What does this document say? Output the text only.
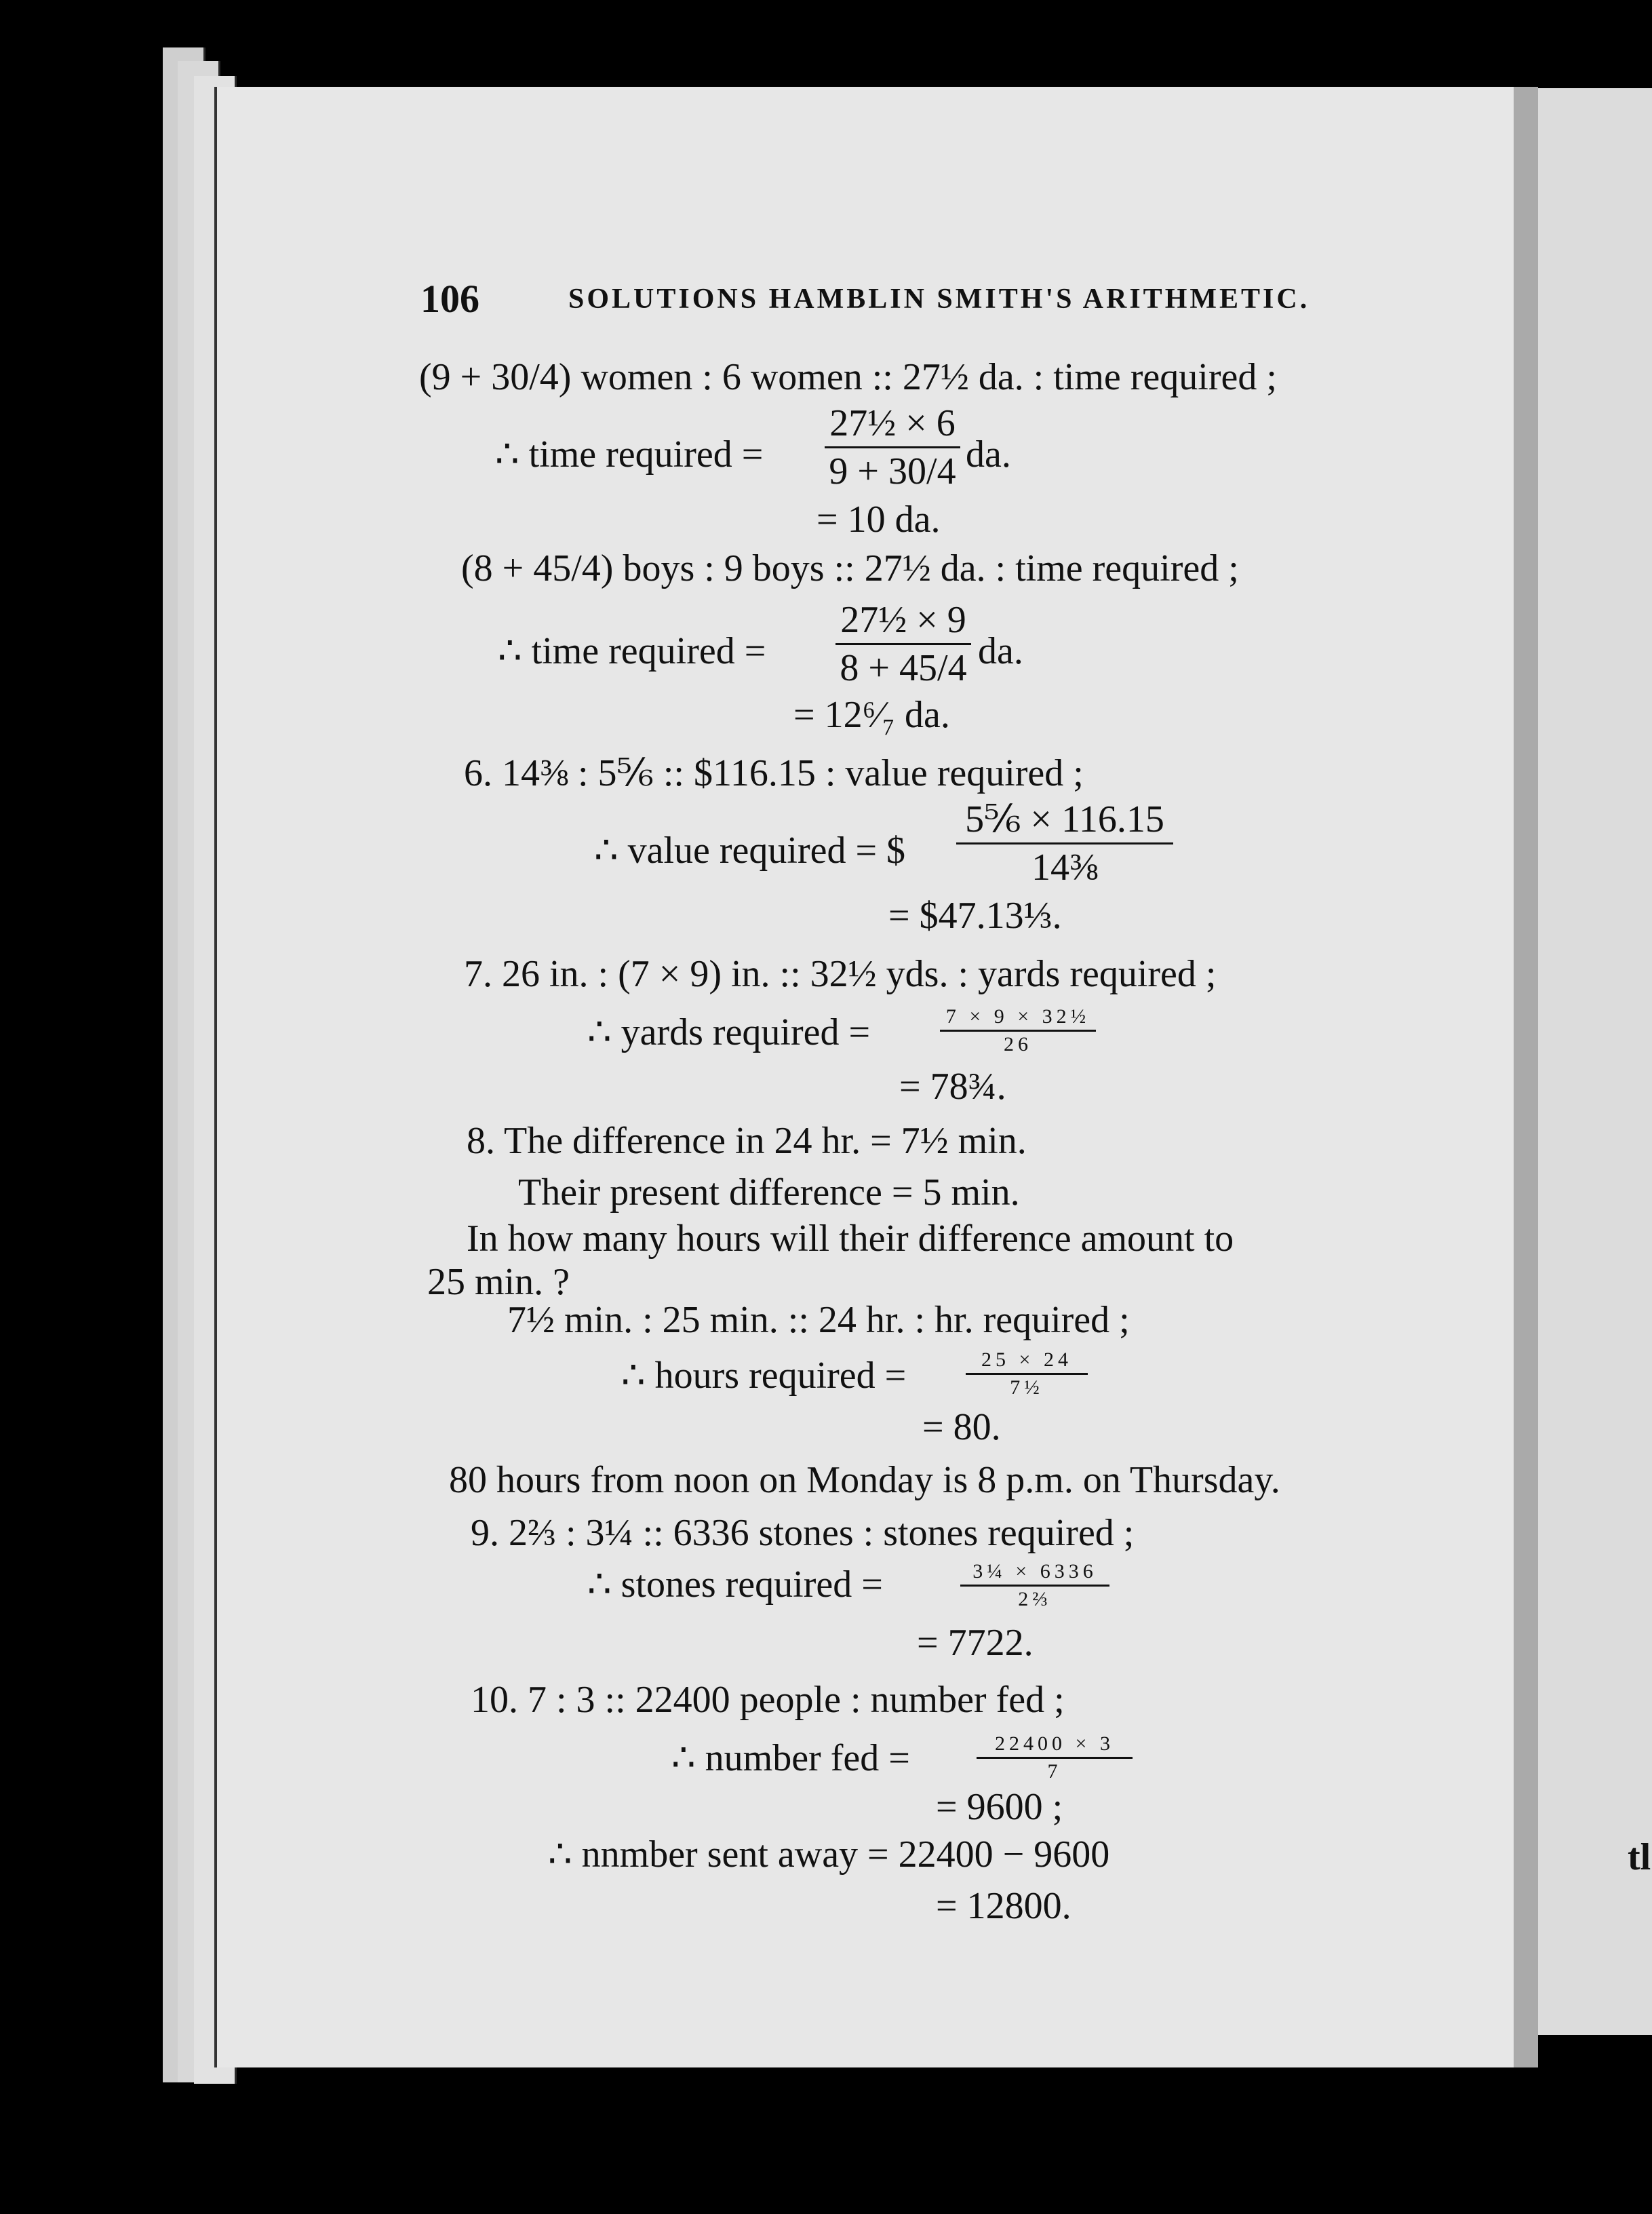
tl
106	SOLUTIONS HAMBLIN SMITH'S ARITHMETIC.
(9 + 30/4) women : 6 women :: 27½ da. : time required ;
∴ time required =
27½ × 6
9 + 30/4 da.
= 10 da.
(8 + 45/4) boys : 9 boys :: 27½ da. : time required ;
∴ time required =
27½ × 9
8 + 45/4 da.
= 12⁶⁄₇ da.
6. 14⅜ : 5⅚ :: $116.15 : value required ;
∴ value required = $
5⅚ × 116.15
14⅜
= $47.13⅓.
7. 26 in. : (7 × 9) in. :: 32½ yds. : yards required ;
∴ yards required =	7 × 9 × 32½
26
= 78¾.
8. The difference in 24 hr. = 7½ min.
Their present difference = 5 min.
In how many hours will their difference amount to
25 min. ?
7½ min. : 25 min. :: 24 hr. : hr. required ;
∴ hours required =	25 × 24
7½
= 80.
80 hours from noon on Monday is 8 p.m. on Thursday.
9. 2⅔ : 3¼ :: 6336 stones : stones required ;
∴ stones required =	3¼ × 6336
2⅔
= 7722.
10. 7 : 3 :: 22400 people : number fed ;
∴ number fed =	22400 × 3
7
= 9600 ;
∴ nnmber sent away = 22400 − 9600
= 12800.
